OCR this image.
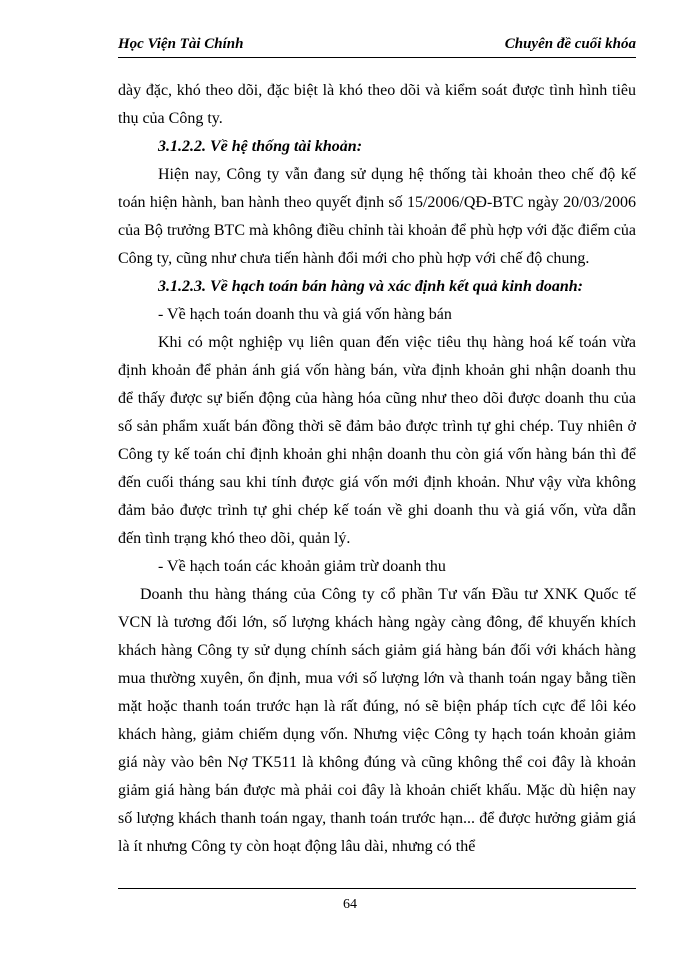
Học Viện Tài Chính	Chuyên đề cuối khóa

dày đặc, khó theo dõi, đặc biệt là khó theo dõi và kiểm soát được tình hình tiêu thụ của Công ty.

3.1.2.2. Về hệ thống tài khoản:

Hiện nay, Công ty vẫn đang sử dụng hệ thống tài khoản theo chế độ kế toán hiện hành, ban hành theo quyết định số 15/2006/QĐ-BTC ngày 20/03/2006 của Bộ trưởng BTC mà không điều chỉnh tài khoản để phù hợp với đặc điểm của Công ty, cũng như chưa tiến hành đổi mới cho phù hợp với chế độ chung.

3.1.2.3. Về hạch toán bán hàng và xác định kết quả kinh doanh:

- Về hạch toán doanh thu và giá vốn hàng bán

Khi có một nghiệp vụ liên quan đến việc tiêu thụ hàng hoá kế toán vừa định khoản để phản ánh giá vốn hàng bán, vừa định khoản ghi nhận doanh thu để thấy được sự biến động của hàng hóa cũng như theo dõi được doanh thu của số sản phẩm xuất bán đồng thời sẽ đảm bảo được trình tự ghi chép. Tuy nhiên ở Công ty kế toán chỉ định khoản ghi nhận doanh thu còn giá vốn hàng bán thì để đến cuối tháng sau khi tính được giá vốn mới định khoản. Như vậy vừa không đảm bảo được trình tự ghi chép kế toán về ghi doanh thu và giá vốn, vừa dẫn đến tình trạng khó theo dõi, quản lý.

- Về hạch toán các khoản giảm trừ doanh thu

Doanh thu hàng tháng của Công ty cổ phần Tư vấn Đầu tư XNK Quốc tế VCN là tương đối lớn, số lượng khách hàng ngày càng đông, để khuyến khích khách hàng Công ty sử dụng chính sách giảm giá hàng bán đối với khách hàng mua thường xuyên, ổn định, mua với số lượng lớn và thanh toán ngay bằng tiền mặt hoặc thanh toán trước hạn là rất đúng, nó sẽ biện pháp tích cực để lôi kéo khách hàng, giảm chiếm dụng vốn. Nhưng việc Công ty hạch toán khoản giảm giá này vào bên Nợ TK511 là không đúng và cũng không thể coi đây là khoản giảm giá hàng bán được mà phải coi đây là khoản chiết khấu. Mặc dù hiện nay số lượng khách thanh toán ngay, thanh toán trước hạn... để được hưởng giảm giá là ít nhưng Công ty còn hoạt động lâu dài, nhưng có thể

64
